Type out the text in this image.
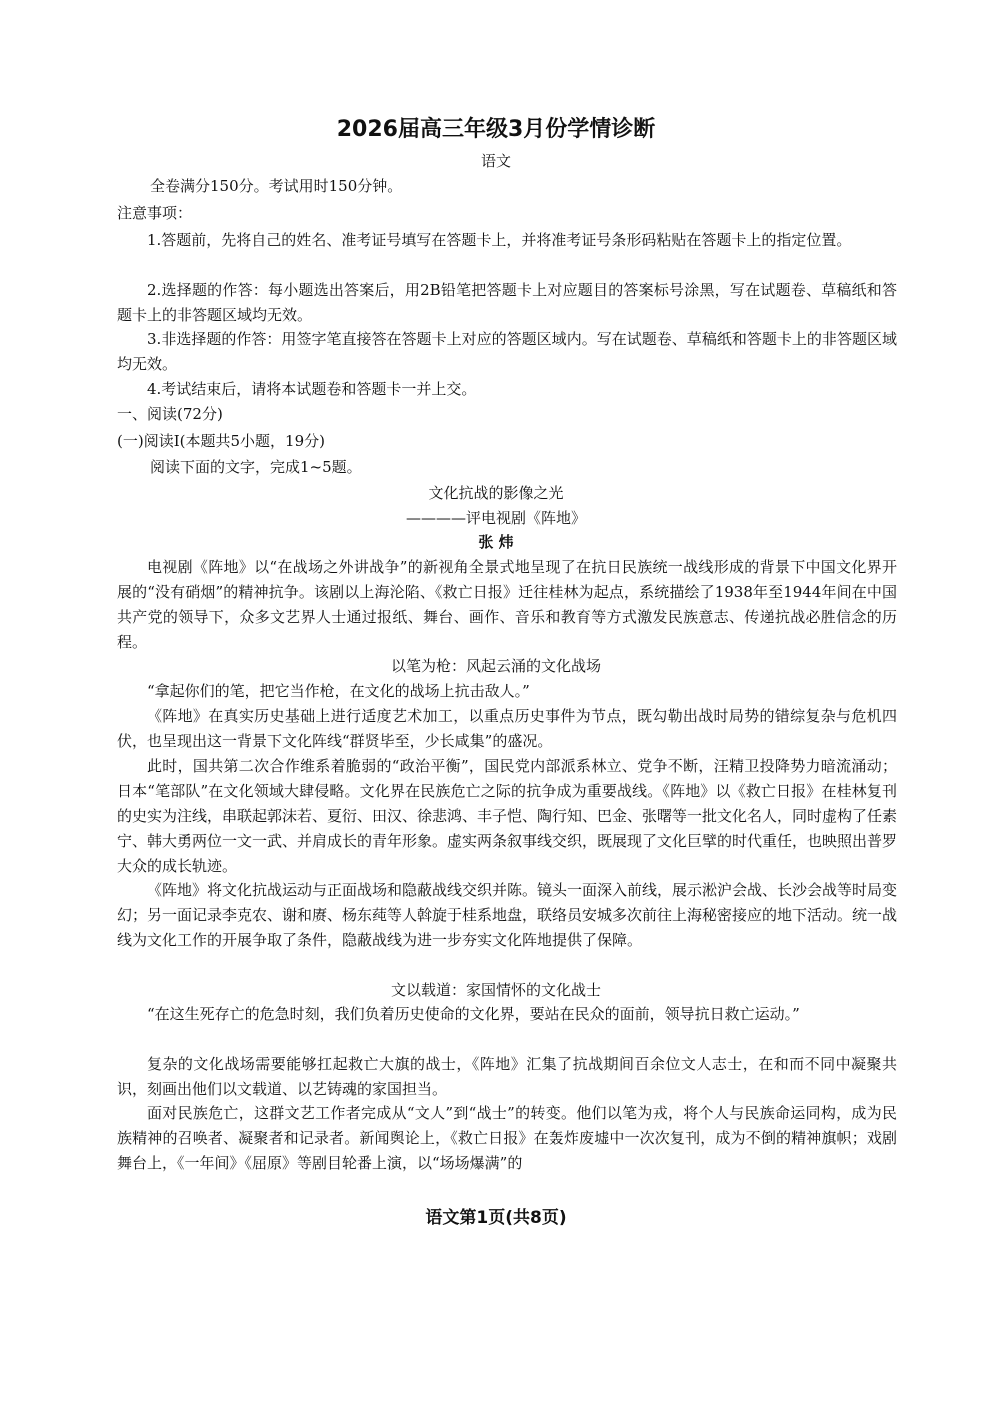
2026届高三年级3月份学情诊断
语文
全卷满分150分。考试用时150分钟。
注意事项：
1.答题前，先将自己的姓名、准考证号填写在答题卡上，并将准考证号条形码粘贴在答题卡上的指定位置。
2.选择题的作答：每小题选出答案后，用2B铅笔把答题卡上对应题目的答案标号涂黑，写在试题卷、草稿纸和答题卡上的非答题区域均无效。
3.非选择题的作答：用签字笔直接答在答题卡上对应的答题区域内。写在试题卷、草稿纸和答题卡上的非答题区域均无效。
4.考试结束后，请将本试题卷和答题卡一并上交。
一、阅读(72分)
(一)阅读Ⅰ(本题共5小题，19分)
阅读下面的文字，完成1~5题。
文化抗战的影像之光
————评电视剧《阵地》
张 炜
电视剧《阵地》以“在战场之外讲战争”的新视角全景式地呈现了在抗日民族统一战线形成的背景下中国文化界开展的“没有硝烟”的精神抗争。该剧以上海沦陷、《救亡日报》迁往桂林为起点，系统描绘了1938年至1944年间在中国共产党的领导下，众多文艺界人士通过报纸、舞台、画作、音乐和教育等方式激发民族意志、传递抗战必胜信念的历程。
以笔为枪：风起云涌的文化战场
“拿起你们的笔，把它当作枪，在文化的战场上抗击敌人。”
《阵地》在真实历史基础上进行适度艺术加工，以重点历史事件为节点，既勾勒出战时局势的错综复杂与危机四伏，也呈现出这一背景下文化阵线“群贤毕至，少长咸集”的盛况。
此时，国共第二次合作维系着脆弱的“政治平衡”，国民党内部派系林立、党争不断，汪精卫投降势力暗流涌动；日本“笔部队”在文化领域大肆侵略。文化界在民族危亡之际的抗争成为重要战线。《阵地》以《救亡日报》在桂林复刊的史实为注线，串联起郭沫若、夏衍、田汉、徐悲鸿、丰子恺、陶行知、巴金、张曙等一批文化名人，同时虚构了任素宁、韩大勇两位一文一武、并肩成长的青年形象。虚实两条叙事线交织，既展现了文化巨擘的时代重任，也映照出普罗大众的成长轨迹。
《阵地》将文化抗战运动与正面战场和隐蔽战线交织并陈。镜头一面深入前线，展示淞沪会战、长沙会战等时局变幻；另一面记录李克农、谢和赓、杨东莼等人斡旋于桂系地盘，联络员安城多次前往上海秘密接应的地下活动。统一战线为文化工作的开展争取了条件，隐蔽战线为进一步夯实文化阵地提供了保障。
文以载道：家国情怀的文化战士
“在这生死存亡的危急时刻，我们负着历史使命的文化界，要站在民众的面前，领导抗日救亡运动。”
复杂的文化战场需要能够扛起救亡大旗的战士，《阵地》汇集了抗战期间百余位文人志士，在和而不同中凝聚共识，刻画出他们以文载道、以艺铸魂的家国担当。
面对民族危亡，这群文艺工作者完成从“文人”到“战士”的转变。他们以笔为戎，将个人与民族命运同构，成为民族精神的召唤者、凝聚者和记录者。新闻舆论上，《救亡日报》在轰炸废墟中一次次复刊，成为不倒的精神旗帜；戏剧舞台上，《一年间》《屈原》等剧目轮番上演，以“场场爆满”的
语文第1页(共8页)
